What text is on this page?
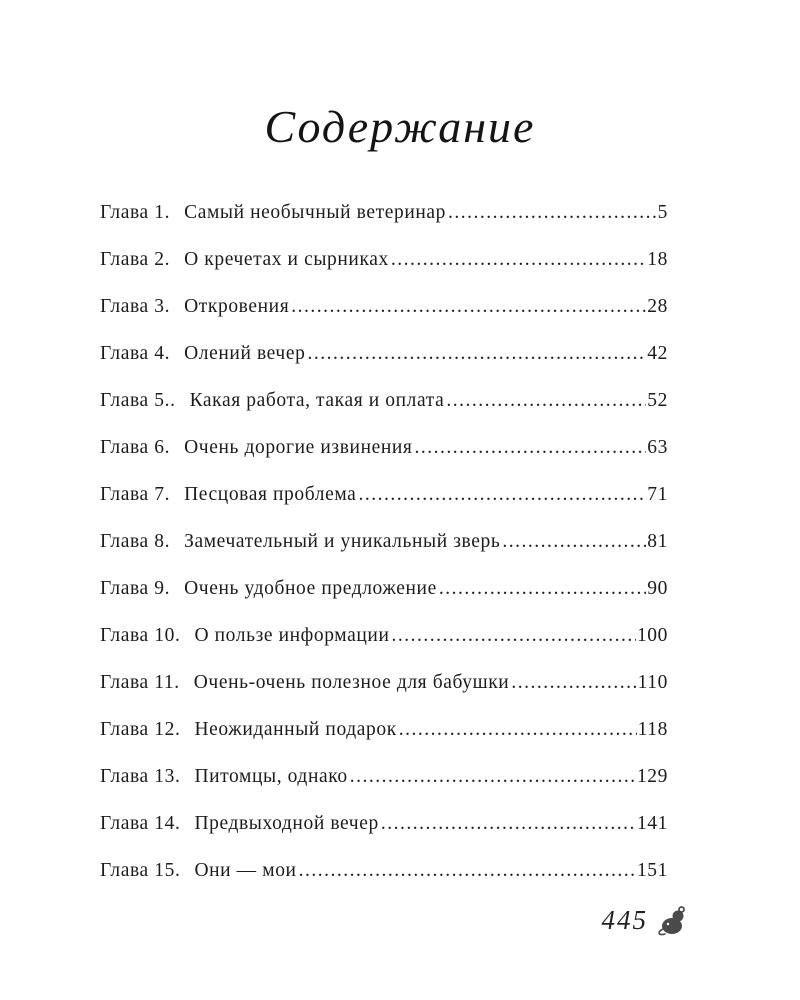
Содержание
Глава 1. Самый необычный ветеринар .....	5
Глава 2. О кречетах и сырниках .....	18
Глава 3. Откровения .....	28
Глава 4. Олений вечер .....	42
Глава 5.. Какая работа, такая и оплата .....	52
Глава 6. Очень дорогие извинения .....	63
Глава 7. Песцовая проблема .....	71
Глава 8. Замечательный и уникальный зверь .....	81
Глава 9. Очень удобное предложение .....	90
Глава 10. О пользе информации .....	100
Глава 11. Очень-очень полезное для бабушки .....	110
Глава 12. Неожиданный подарок .....	118
Глава 13. Питомцы, однако .....	129
Глава 14. Предвыходной вечер .....	141
Глава 15. Они — мои .....	151
445
